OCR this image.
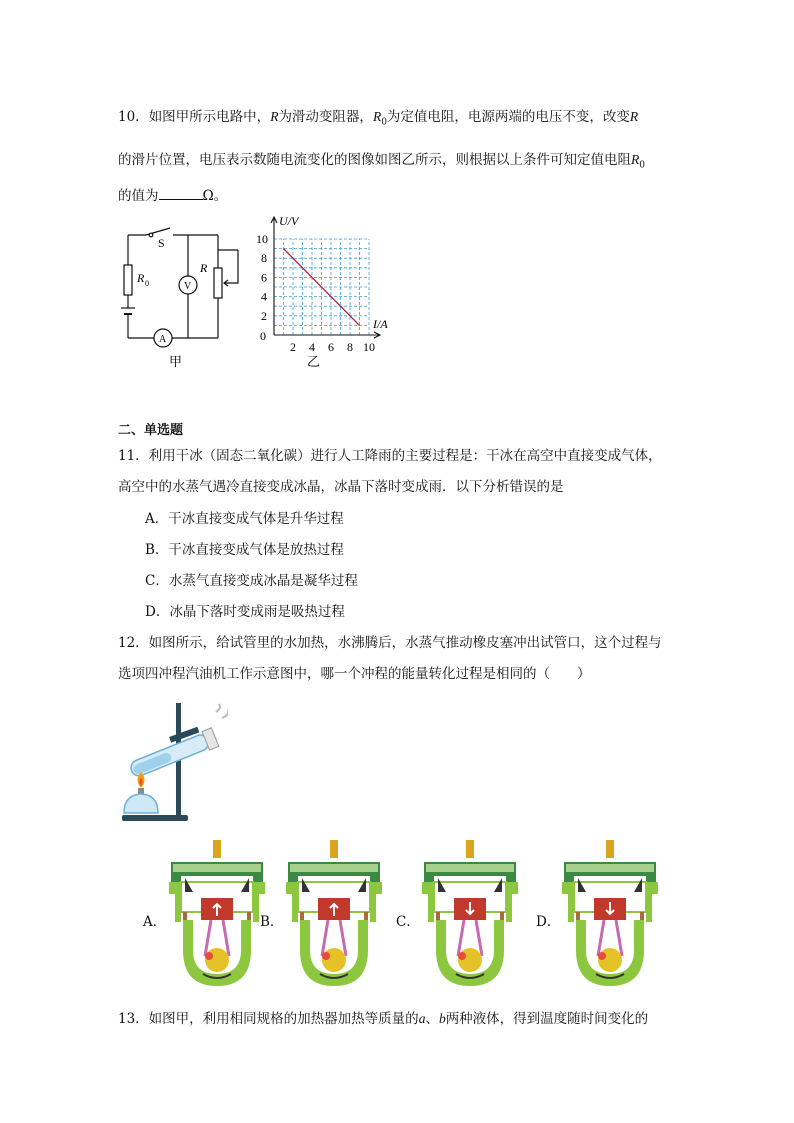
10．如图甲所示电路中，R为滑动变阻器，$R_0$为定值电阻，电源两端的电压不变，改变R
的滑片位置，电压表示数随电流变化的图像如图乙所示，则根据以上条件可知定值电阻$R_0$
的值为	Ω。
S
R 0
R
V
A
甲
U/V
I/A
0
2
4
6
8
10
2 4 6 8 10
乙
二、单选题
11．利用干冰（固态二氧化碳）进行人工降雨的主要过程是：干冰在高空中直接变成气体，
高空中的水蒸气遇冷直接变成冰晶，冰晶下落时变成雨．以下分析错误的是
A．干冰直接变成气体是升华过程
B．干冰直接变成气体是放热过程
C．水蒸气直接变成冰晶是凝华过程
D．冰晶下落时变成雨是吸热过程
12．如图所示，给试管里的水加热，水沸腾后，水蒸气推动橡皮塞冲出试管口，这个过程与
选项四冲程汽油机工作示意图中，哪一个冲程的能量转化过程是相同的（　　）
A．	B．	C．	D．
13．如图甲，利用相同规格的加热器加热等质量的a、b两种液体，得到温度随时间变化的
